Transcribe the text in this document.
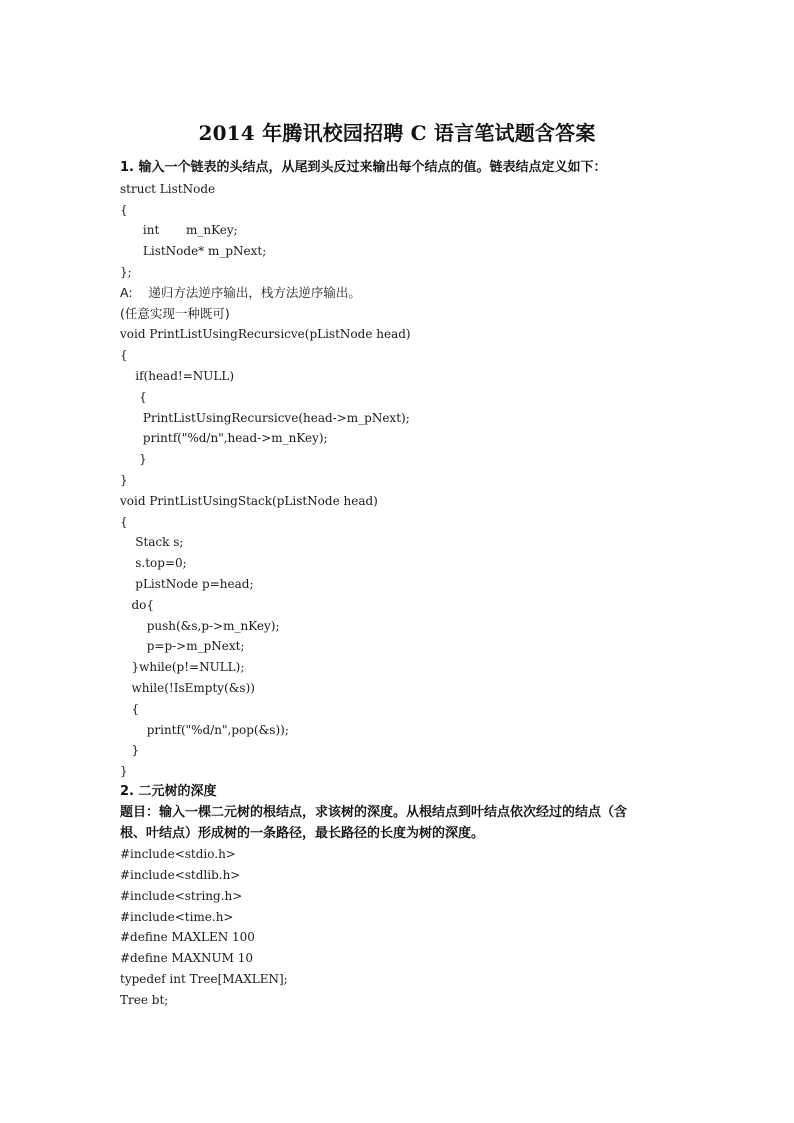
2014 年腾讯校园招聘 C 语言笔试题含答案
1. 输入一个链表的头结点，从尾到头反过来输出每个结点的值。链表结点定义如下：
struct ListNode
{
int       m_nKey;
ListNode* m_pNext;
};
A:    递归方法逆序输出，栈方法逆序输出。
(任意实现一种既可)
void PrintListUsingRecursicve(pListNode head)
{
if(head!=NULL)
{
PrintListUsingRecursicve(head->m_pNext);
printf("%d/n",head->m_nKey);
}
}
void PrintListUsingStack(pListNode head)
{
Stack s;
s.top=0;
pListNode p=head;
do{
push(&s,p->m_nKey);
p=p->m_pNext;
}while(p!=NULL);
while(!IsEmpty(&s))
{
printf("%d/n",pop(&s));
}
}
2. 二元树的深度
题目：输入一棵二元树的根结点，求该树的深度。从根结点到叶结点依次经过的结点（含
根、叶结点）形成树的一条路径，最长路径的长度为树的深度。
#include<stdio.h>
#include<stdlib.h>
#include<string.h>
#include<time.h>
#define MAXLEN 100
#define MAXNUM 10
typedef int Tree[MAXLEN];
Tree bt;
